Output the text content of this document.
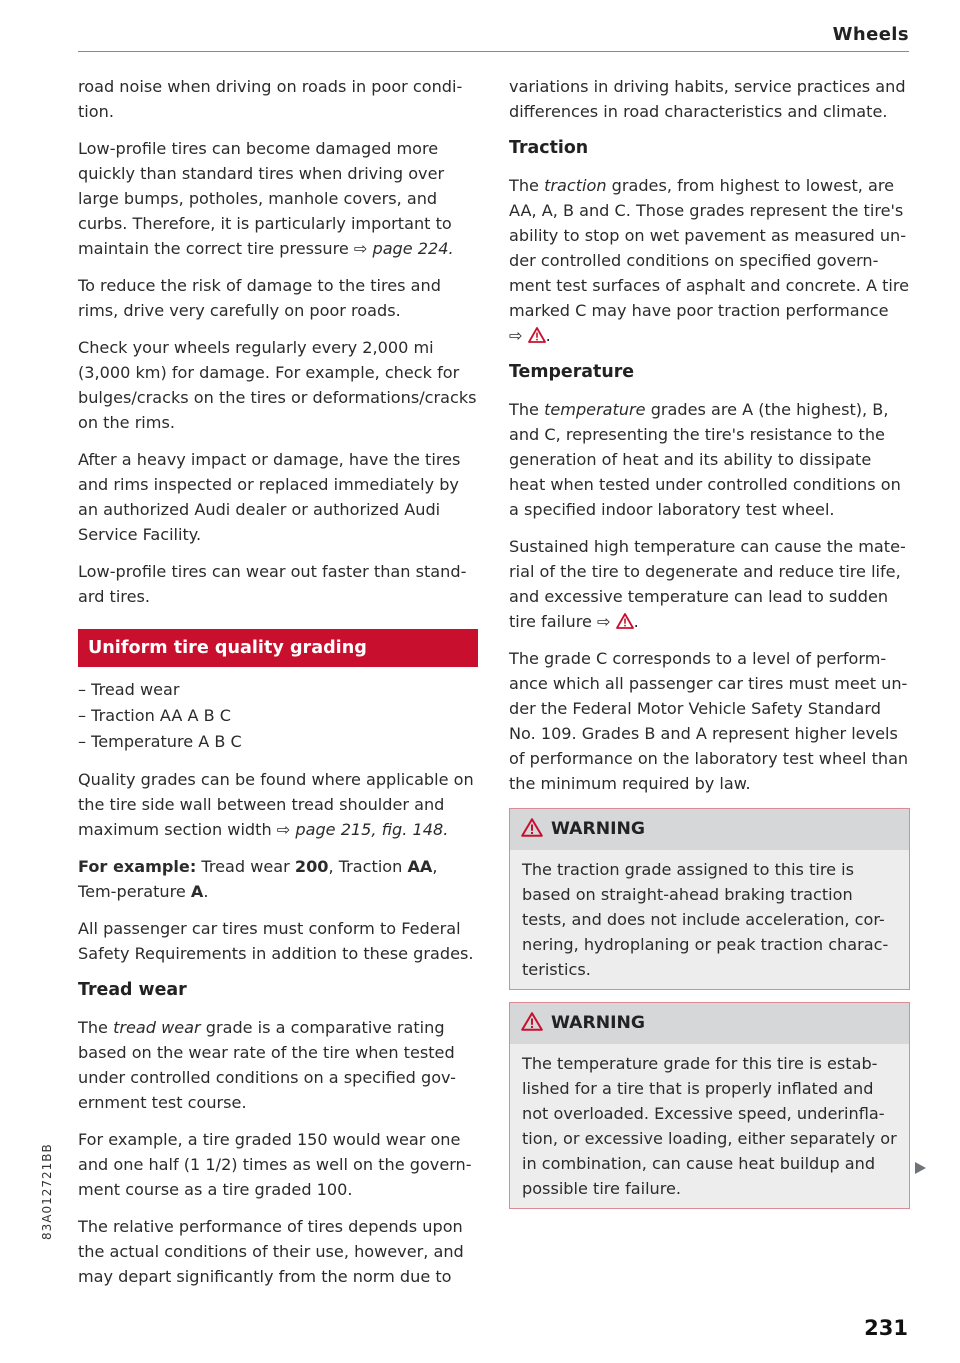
Wheels

road noise when driving on roads in poor condi-tion.

Low-profile tires can become damaged more quickly than standard tires when driving over large bumps, potholes, manhole covers, and curbs. Therefore, it is particularly important to maintain the correct tire pressure ⇨ page 224.

To reduce the risk of damage to the tires and rims, drive very carefully on poor roads.

Check your wheels regularly every 2,000 mi (3,000 km) for damage. For example, check for bulges/cracks on the tires or deformations/cracks on the rims.

After a heavy impact or damage, have the tires and rims inspected or replaced immediately by an authorized Audi dealer or authorized Audi Service Facility.

Low-profile tires can wear out faster than stand-ard tires.

Uniform tire quality grading
– Tread wear
– Traction AA A B C
– Temperature A B C

Quality grades can be found where applicable on the tire side wall between tread shoulder and maximum section width ⇨ page 215, fig. 148.

For example: Tread wear 200, Traction AA, Tem-perature A.

All passenger car tires must conform to Federal Safety Requirements in addition to these grades.

Tread wear

The tread wear grade is a comparative rating based on the wear rate of the tire when tested under controlled conditions on a specified gov-ernment test course.

For example, a tire graded 150 would wear one and one half (1 1/2) times as well on the govern-ment course as a tire graded 100.

The relative performance of tires depends upon the actual conditions of their use, however, and may depart significantly from the norm due to

variations in driving habits, service practices and differences in road characteristics and climate.

Traction

The traction grades, from highest to lowest, are AA, A, B and C. Those grades represent the tire's ability to stop on wet pavement as measured un-der controlled conditions on specified govern-ment test surfaces of asphalt and concrete. A tire marked C may have poor traction performance
⇨ .

Temperature

The temperature grades are A (the highest), B, and C, representing the tire's resistance to the generation of heat and its ability to dissipate heat when tested under controlled conditions on a specified indoor laboratory test wheel.

Sustained high temperature can cause the mate-rial of the tire to degenerate and reduce tire life, and excessive temperature can lead to sudden tire failure ⇨ .

The grade C corresponds to a level of perform-ance which all passenger car tires must meet un-der the Federal Motor Vehicle Safety Standard No. 109. Grades B and A represent higher levels of performance on the laboratory test wheel than the minimum required by law.

WARNING
The traction grade assigned to this tire is based on straight-ahead braking traction tests, and does not include acceleration, cor-nering, hydroplaning or peak traction charac-teristics.
WARNING
The temperature grade for this tire is estab-lished for a tire that is properly inflated and not overloaded. Excessive speed, underinfla-tion, or excessive loading, either separately or in combination, can cause heat buildup and possible tire failure.
231
83A012721BB
